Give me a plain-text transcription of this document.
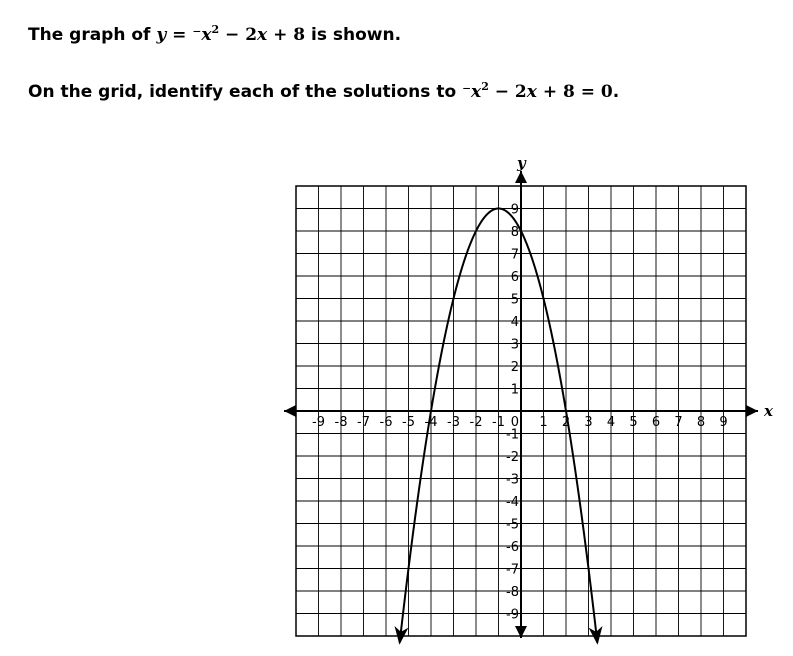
The graph of $y = ^-x^2 - 2x + 8$ is shown.
On the grid, identify each of the solutions to $^-x^2 - 2x + 8 = 0$.
-9 -8 -7 -6 -5 -4 -3 -2 -1	1 2 3 4 5 6 7 8 9
9
8
7
6
5
4
3
2
1
-1
-2
-3
-4
-5
-6
-7
-8
-9
x
y
0
